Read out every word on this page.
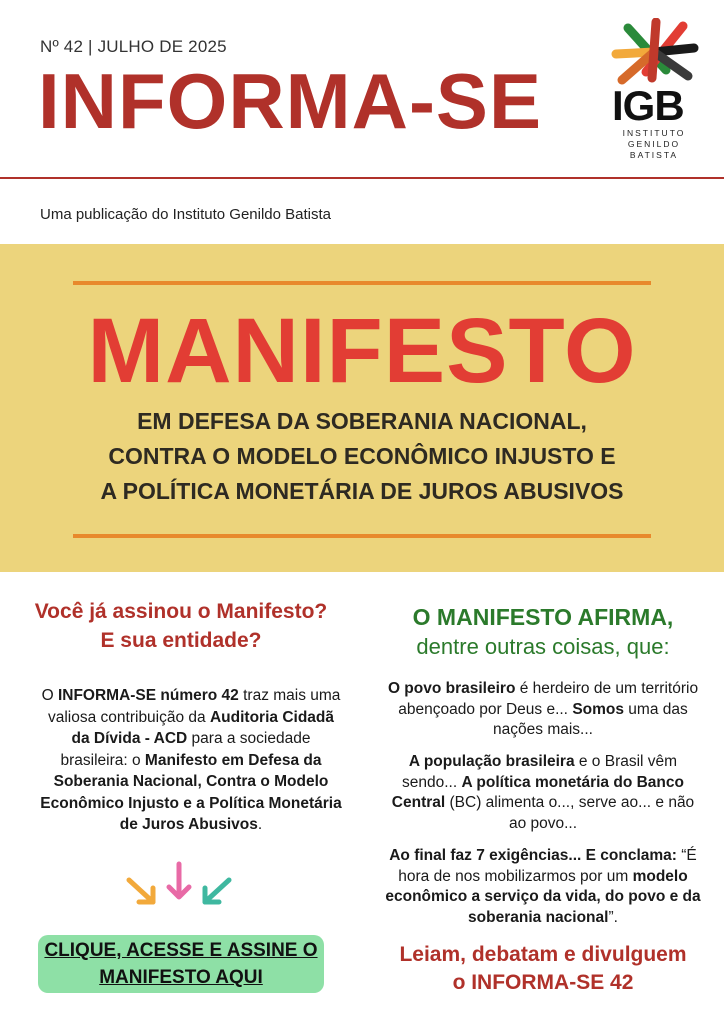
Nº 42 | JULHO DE 2025
INFORMA-SE IGB
INSTITUTO
GENILDO
BATISTA
Uma publicação do Instituto Genildo Batista
MANIFESTO
EM DEFESA DA SOBERANIA NACIONAL,
CONTRA O MODELO ECONÔMICO INJUSTO E
A POLÍTICA MONETÁRIA DE JUROS ABUSIVOS
Você já assinou o Manifesto?
E sua entidade?
O INFORMA-SE número 42 traz mais uma valiosa contribuição da Auditoria Cidadã da Dívida - ACD para a sociedade brasileira: o Manifesto em Defesa da Soberania Nacional, Contra o Modelo Econômico Injusto e a Política Monetária de Juros Abusivos.
CLIQUE, ACESSE E ASSINE O
MANIFESTO AQUI
O MANIFESTO AFIRMA,
dentre outras coisas, que:
O povo brasileiro é herdeiro de um território abençoado por Deus e... Somos uma das nações mais...
A população brasileira e o Brasil vêm sendo... A política monetária do Banco Central (BC) alimenta o..., serve ao... e não ao povo...
Ao final faz 7 exigências... E conclama: “É hora de nos mobilizarmos por um modelo econômico a serviço da vida, do povo e da soberania nacional”.
Leiam, debatam e divulguem
o INFORMA-SE 42
